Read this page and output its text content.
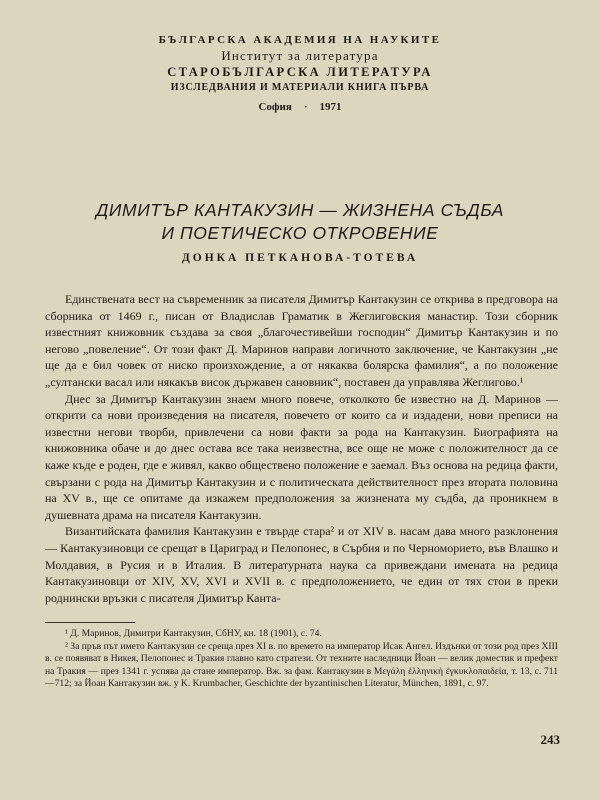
БЪЛГАРСКА АКАДЕМИЯ НА НАУКИТЕ
Институт за литература
СТАРОБЪЛГАРСКА ЛИТЕРАТУРА
ИЗСЛЕДВАНИЯ И МАТЕРИАЛИ КНИГА ПЪРВА
София · 1971
ДИМИТЪР КАНТАКУЗИН — ЖИЗНЕНА СЪДБА
И ПОЕТИЧЕСКО ОТКРОВЕНИЕ
ДОНКА ПЕТКАНОВА-ТОТЕВА

Единствената вест на съвременник за писателя Димитър Кантакузин се открива в предговора на сборника от 1469 г., писан от Владислав Граматик в Жеглиговския манастир. Този сборник известният книжовник създава за своя „благочестивейши господин“ Димитър Кантакузин и по негово „повеление“. От този факт Д. Маринов направи логичното заключение, че Кантакузин „не ще да е бил човек от ниско произхождение, а от някаква болярска фамилия“, а по положение „султански васал или някакъв висок държавен сановник“, поставен да управлява Жеглигово.¹

Днес за Димитър Кантакузин знаем много повече, отколкото бе известно на Д. Маринов — открити са нови произведения на писателя, повечето от които са и издадени, нови преписи на известни негови творби, привлечени са нови факти за рода на Кантакузин. Биографията на книжовника обаче и до днес остава все така неизвестна, все още не може с положителност да се каже къде е роден, где е живял, какво обществено положение е заемал. Въз основа на редица факти, свързани с рода на Димитър Кантакузин и с политическата действителност през втората половина на XV в., ще се опитаме да изкажем предположения за жизнената му съдба, да проникнем в душевната драма на писателя Кантакузин.

Византийската фамилия Кантакузин е твърде стара² и от XIV в. насам дава много разклонения — Кантакузиновци се срещат в Цариград и Пелопонес, в Сърбия и по Черноморието, във Влашко и Молдавия, в Русия и в Италия. В литературната наука са привеждани имената на редица Кантакузиновци от XIV, XV, XVI и XVII в. с предположението, че един от тях стои в преки роднински връзки с писателя Димитър Канта-

¹ Д. Маринов, Димитри Кантакузин, СбНУ, кн. 18 (1901), с. 74.

² За пръв път името Кантакузин се среща през XI в. по времето на император Исак Ангел. Издънки от този род през XIII в. се появяват в Никея, Пелопонес и Тракия главно като стратези. От техните наследници Йоан — велик доместик и префект на Тракия — през 1341 г. успява да стане император. Вж. за фам. Кантакузин в Μεγάλη ἑλληνικὴ ἐγκυκλοπαιδεία, т. 13, с. 711—712; за Йоан Кантакузин вж. у K. Krumbacher, Geschichte der byzantinischen Literatur, München, 1891, с. 97.

243
